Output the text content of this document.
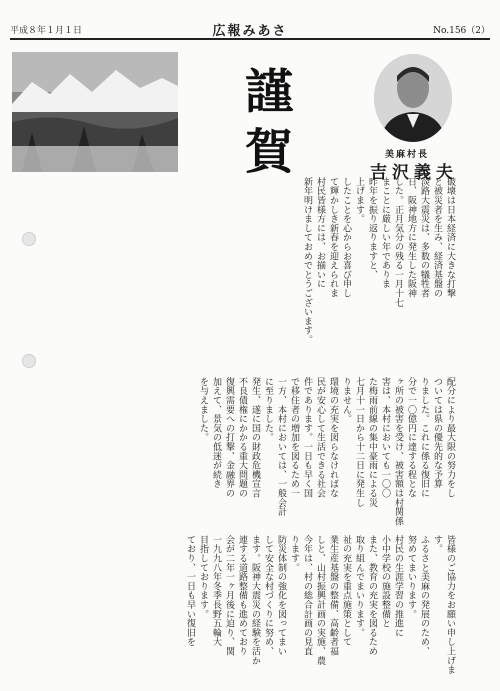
平成８年１月１日	広報みあさ	No.156（2）
謹
賀	美麻村長
吉沢義夫
新年明けましておめでとうございます。 村民皆様方には、お揃いに て輝かしき新春を迎えられま したことを心からお喜び申し 上げます。 昨年を振り返りますと、 まことに厳しい年でありま した。正月気分の残る一月十七 日、阪神地方に発生した阪神 淡路大震災は、多数の犠牲者 と被災者を生み、経済基盤の 破壊は日本経済に大きな打撃
を与えました。 加えて、景気の低迷が続き 復興需要への打撃、金融界の 不良債権にかかる重大問題の 発生、遂に国の財政危機宣言 に至りました。 一方、本村においては、一般会計 で移住者の増加を図るため一 件であります。一日も早く国 民が安心して生活できる社会 環境の充実を図らなければな りません。 七月十一日から十二日に発生し た梅雨前線の集中豪雨による災 害は、本村においても一〇〇 ヶ所の被害を受け、被害額は村関係 分で一〇億円に達する程とな りました。これに係る復旧に ついては県の優先的な予算 配分により最大限の努力をし
ており、一日も早い復旧を 目指しております。 一九九八年冬季長野五輪大 会が二年一ヶ月後に迫り、関 連する道路整備も進めており ます。阪神大震災の経験を活か して安全な村づくりに努め、 防災体制の強化を図ってまい ります。 今年は、村の総合計画の見直 しと、山村振興計画の実施、農 業生産基盤の整備、高齢者福 祉の充実を重点施策として 取り組んでまいります。 また、教育の充実を図るため 小中学校の施設整備と 村民の生涯学習の推進に 努めてまいります。 ふるさと美麻の発展のため、	皆様のご協力をお願い申し上げます。
